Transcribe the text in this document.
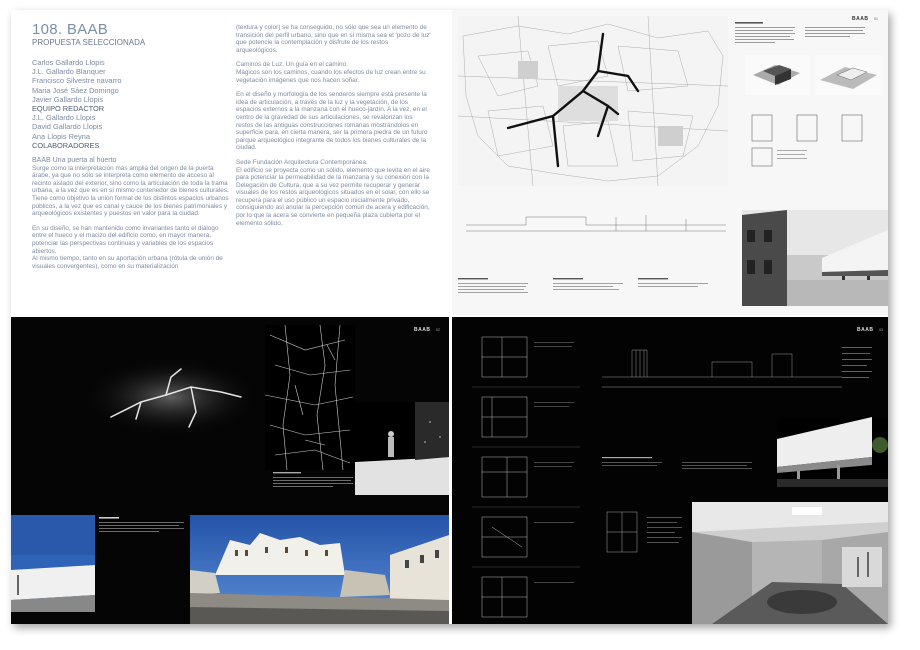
108. BAAB
PROPUESTA SELECCIONADA
Carlos Gallardo Llopis
J.L. Gallardo Blanquer
Francisco Silvestre navarro
Maria José Sáez Domingo
Javier Gallardo Llopis
EQUIPO REDACTOR
J.L. Gallardo Llopis
David Gallardo Llopis
Ana Llopis Reyna
COLABORADORES
BAAB Una puerta al huerto

Surge como la interpretación más amplia del origen de la puerta árabe, ya que no sólo se interpreta como elemento de acceso al recinto aislado del exterior, sino como la articulación de toda la trama urbana, a la vez que es en sí mismo contenedor de bienes culturales. Tiene como objetivo la unión formal de los distintos espacios urbanos públicos, a la vez que es canal y cauce de los bienes patrimoniales y arqueológicos existentes y puestos en valor para la ciudad.

En su diseño, se han mantenido como invariantes tanto el diálogo entre el hueco y el macizo del edificio como, en mayor manera, potenciar las perspectivas continuas y variables de los espacios abiertos.

Al mismo tiempo, tanto en su aportación urbana (rótula de unión de visuales convergentes), como en su materialización

(textura y color) se ha conseguido, no sólo que sea un elemento de transición del perfil urbano, sino que en sí misma sea el 'pozo de luz' que potencie la contemplación y disfrute de los restos arqueológicos.

Caminos de Luz. Un guía en el camino.

Mágicos son los caminos, cuando los efectos de luz crean entre su vegetación imágenes que nos hacen soñar.

En el diseño y morfología de los senderos siempre está presente la idea de articulación, a través de la luz y la vegetación, de los espacios externos a la manzana con el hueco-jardín. A la vez, en el centro de la gravedad de sus articulaciones, se revalorizan los restos de las antiguas construcciones romanas mostrándolos en superficie para, en cierta manera, ser la primera piedra de un futuro parque arqueológico integrante de todos los bienes culturales de la ciudad.

Sede Fundación Arquitectura Contemporánea.

El edificio se proyecta como un sólido, elemento que levita en el aire para potenciar la permeabilidad de la manzana y su conexión con la Delegación de Cultura, que a su vez permite recuperar y generar visuales de los restos arqueológicos situados en el solar, con ello se recupera para el uso público un espacio inicialmente privado, consiguiendo así anular la percepción común de acera y edificación, por lo que la acera se convierte en pequeña plaza cubierta por el elemento sólido.

BAAB 01
BAAB 02	BAAB 03
